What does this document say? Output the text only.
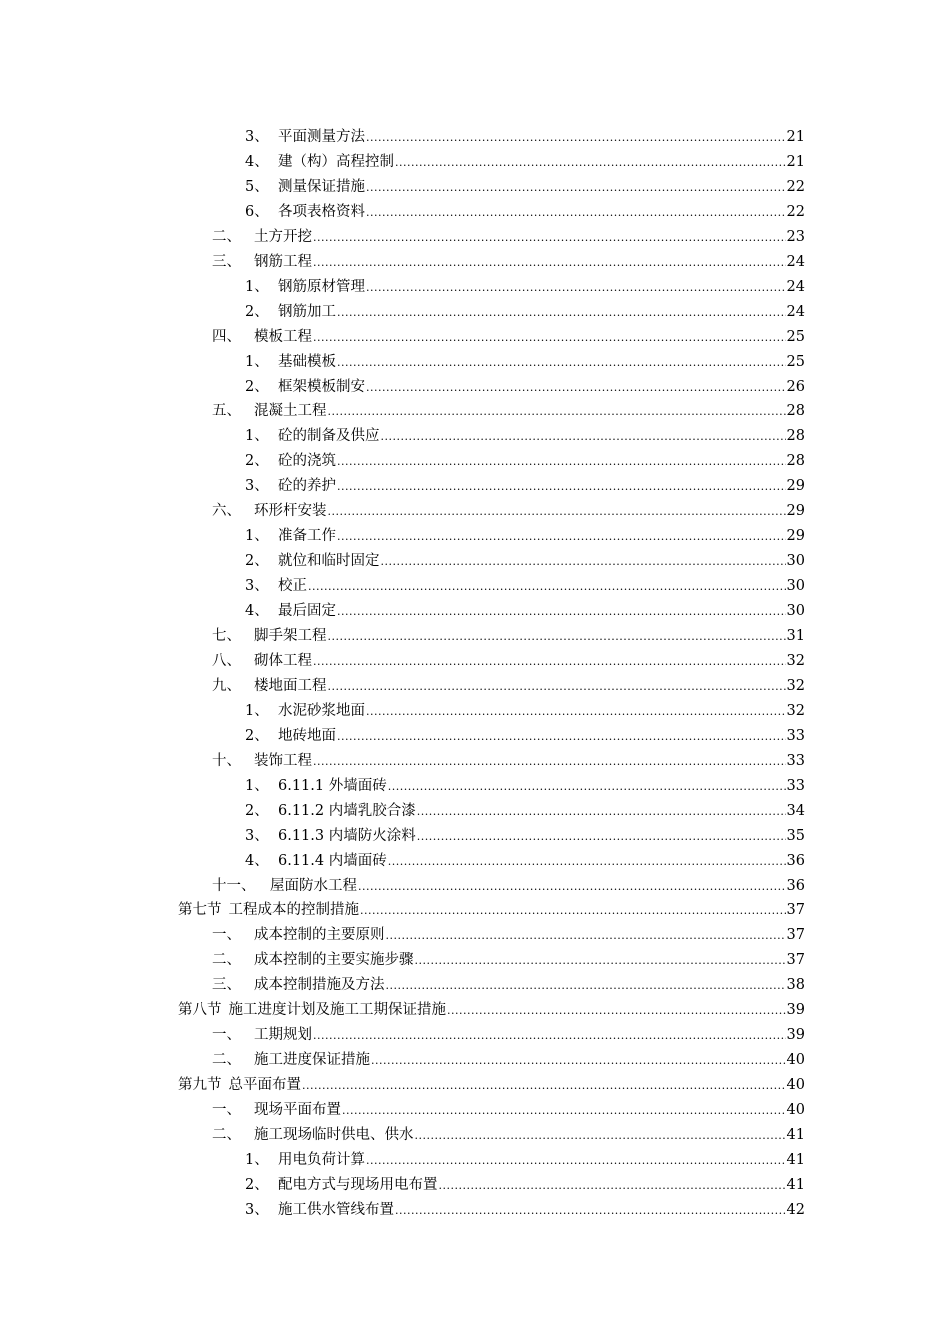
3、 平面测量方法 .....	21
4、 建（构）高程控制 .....	21
5、 测量保证措施 .....	22
6、 各项表格资料 .....	22
二、 土方开挖 .....	23
三、 钢筋工程 .....	24
1、 钢筋原材管理 .....	24
2、 钢筋加工 .....	24
四、 模板工程 .....	25
1、 基础模板 .....	25
2、 框架模板制安 .....	26
五、 混凝土工程 .....	28
1、 砼的制备及供应 .....	28
2、 砼的浇筑 .....	28
3、 砼的养护 .....	29
六、 环形杆安装 .....	29
1、 准备工作 .....	29
2、 就位和临时固定 .....	30
3、 校正 .....	30
4、 最后固定 .....	30
七、 脚手架工程 .....	31
八、 砌体工程 .....	32
九、 楼地面工程 .....	32
1、 水泥砂浆地面 .....	32
2、 地砖地面 .....	33
十、 装饰工程 .....	33
1、 6.11.1 外墙面砖 .....	33
2、 6.11.2 内墙乳胶合漆 .....	34
3、 6.11.3 内墙防火涂料 .....	35
4、 6.11.4 内墙面砖 .....	36
十一、	屋面防水工程 .....	36
第七节 工程成本的控制措施 .....	37
一、 成本控制的主要原则 .....	37
二、 成本控制的主要实施步骤 .....	37
三、 成本控制措施及方法 .....	38
第八节 施工进度计划及施工工期保证措施 .....	39
一、 工期规划 .....	39
二、 施工进度保证措施 .....	40
第九节 总平面布置 .....	40
一、 现场平面布置 .....	40
二、 施工现场临时供电、供水 .....	41
1、 用电负荷计算 .....	41
2、 配电方式与现场用电布置 .....	41
3、 施工供水管线布置 .....	42
